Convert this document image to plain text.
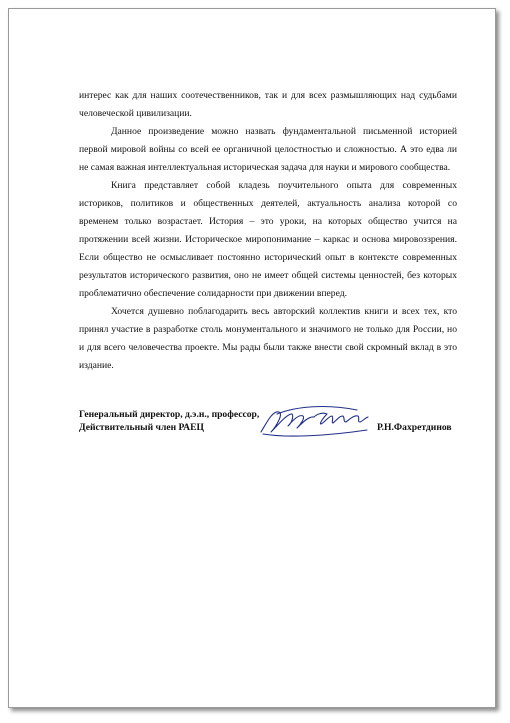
интерес как для наших соотечественников, так и для всех размышляющих над судьбами человеческой цивилизации.

Данное произведение можно назвать фундаментальной письменной историей первой мировой войны со всей ее органичной целостностью и сложностью. А это едва ли не самая важная интеллектуальная историческая задача для науки и мирового сообщества.

Книга представляет собой кладезь поучительного опыта для современных историков, политиков и общественных деятелей, актуальность анализа которой со временем только возрастает. История – это уроки, на которых общество учится на протяжении всей жизни. Историческое миропонимание – каркас и основа мировоззрения. Если общество не осмысливает постоянно исторический опыт в контексте современных результатов исторического развития, оно не имеет общей системы ценностей, без которых проблематично обеспечение солидарности при движении вперед.

Хочется душевно поблагодарить весь авторский коллектив книги и всех тех, кто принял участие в разработке столь монументального и значимого не только для России, но и для всего человечества проекте. Мы рады были также внести свой скромный вклад в это издание.

Генеральный директор, д.э.н., профессор,
Действительный член РАЕЦ	Р.Н.Фахретдинов
